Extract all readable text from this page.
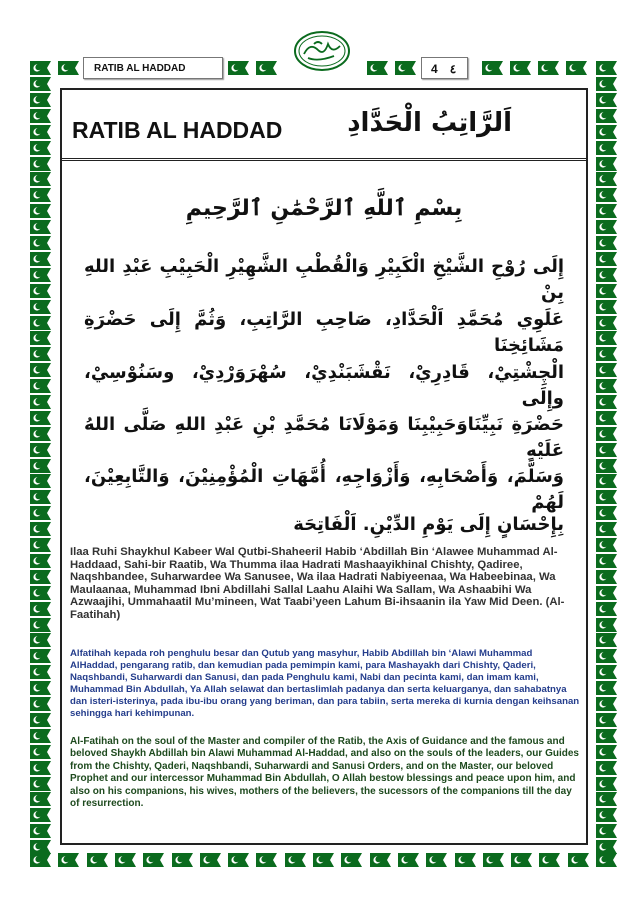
RATIB AL HADDAD	4 ٤
RATIB AL HADDAD اَلرَّاتِبُ الْحَدَّادِ
بِسْمِ ٱللَّهِ ٱلرَّحْمَٰنِ ٱلرَّحِيمِ
إِلَى رُوْحِ الشَّيْخِ الْكَبِيْرِ وَالْقُطْبِ الشَّهِيْرِ الْحَبِيْبِ عَبْدِ اللهِ بِنْ
عَلَوِي مُحَمَّدِ اَلْحَدَّادِ، صَاحِبِ الرَّاتِبِ، وَثُمَّ إِلَى حَضْرَةِ مَشَائِخِنَا
الْچِشْتِيْ، قَادِرِيْ، نَقْشَبَنْدِيْ، سُهْرَوَرْدِيْ، وسَنُوْسِيْ، وإِلَى
حَضْرَةِ نَبِيِّنَاوَحَبِيْبِنَا وَمَوْلَانَا مُحَمَّدِ بْنِ عَبْدِ اللهِ صَلَّى اللهُ عَلَيْهِ
وَسَلَّمَ، وَأَصْحَابِهِ، وَأَزْوَاجِهِ، أُمَّهَاتِ الْمُؤْمِنِيْنَ، وَالتَّابِعِيْنَ، لَهُمْ
بِإِحْسَانٍ إِلَى يَوْمِ الدِّيْنِ. اَلْفَاتِحَة
Ilaa Ruhi Shaykhul Kabeer Wal Qutbi-Shaheeril Habib ‘Abdillah Bin ‘Alawee Muhammad Al-Haddaad, Sahi-bir Raatib, Wa Thumma ilaa Hadrati Mashaayikhinal Chishty, Qadiree, Naqshbandee, Suharwardee Wa Sanusee, Wa ilaa Hadrati Nabiyeenaa, Wa Habeebinaa, Wa Maulaanaa, Muhammad Ibni Abdillahi Sallal Laahu Alaihi Wa Sallam, Wa Ashaabihi Wa Azwaajihi, Ummahaatil Mu’mineen, Wat Taabi’yeen Lahum Bi-ihsaanin ila Yaw Mid Deen. (Al-Faatihah)
Alfatihah kepada roh penghulu besar dan Qutub yang masyhur, Habib Abdillah bin ‘Alawi Muhammad AlHaddad, pengarang ratib, dan kemudian pada pemimpin kami, para Mashayakh dari Chishty, Qaderi, Naqshbandi, Suharwardi dan Sanusi, dan pada Penghulu kami, Nabi dan pecinta kami, dan imam kami, Muhammad Bin Abdullah, Ya Allah selawat dan bertaslimlah padanya dan serta keluarganya, dan sahabatnya dan isteri-isterinya, pada ibu-ibu orang yang beriman, dan para tabiin, serta mereka di kurnia dengan keihsanan sehingga hari kehimpunan.
Al-Fatihah on the soul of the Master and compiler of the Ratib, the Axis of Guidance and the famous and beloved Shaykh Abdillah bin Alawi Muhammad Al-Haddad, and also on the souls of the leaders, our Guides from the Chishty, Qaderi, Naqshbandi, Suharwardi and Sanusi Orders, and on the Master, our beloved Prophet and our intercessor Muhammad Bin Abdullah, O Allah bestow blessings and peace upon him, and also on his companions, his wives, mothers of the believers, the sucessors of the companions till the day of resurrection.
